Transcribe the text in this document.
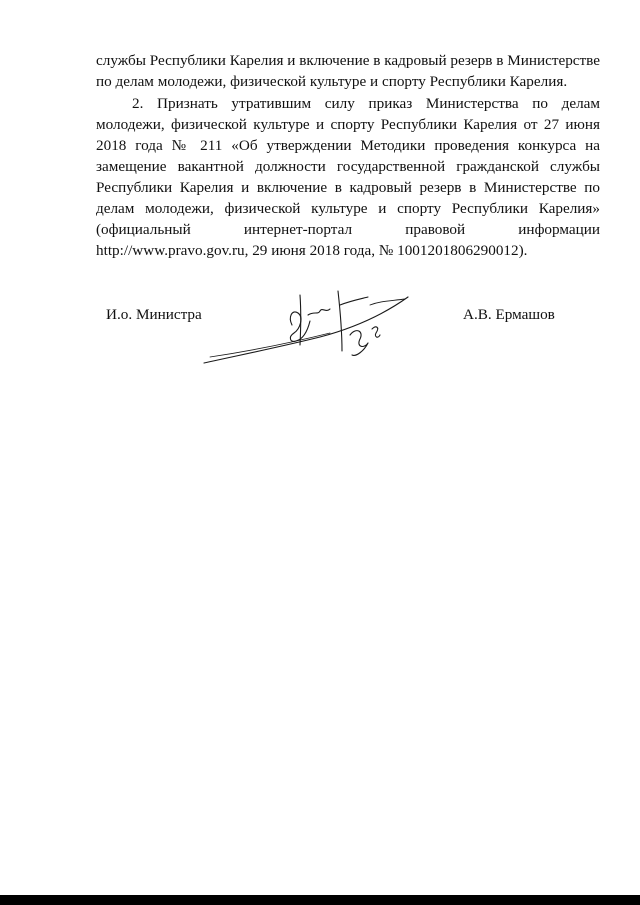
службы Республики Карелия и включение в кадровый резерв в Министерстве
по делам молодежи, физической культуре и спорту Республики Карелия.
2. Признать утратившим силу приказ Министерства по делам
молодежи, физической культуре и спорту Республики Карелия от 27 июня
2018 года № 211 «Об утверждении Методики проведения конкурса на
замещение вакантной должности государственной гражданской службы
Республики Карелия и включение в кадровый резерв в Министерстве по
делам молодежи, физической культуре и спорту Республики Карелия»
(официальный интернет-портал правовой информации
http://www.pravo.gov.ru, 29 июня 2018 года, № 1001201806290012).
И.о. Министра	А.В. Ермашов
